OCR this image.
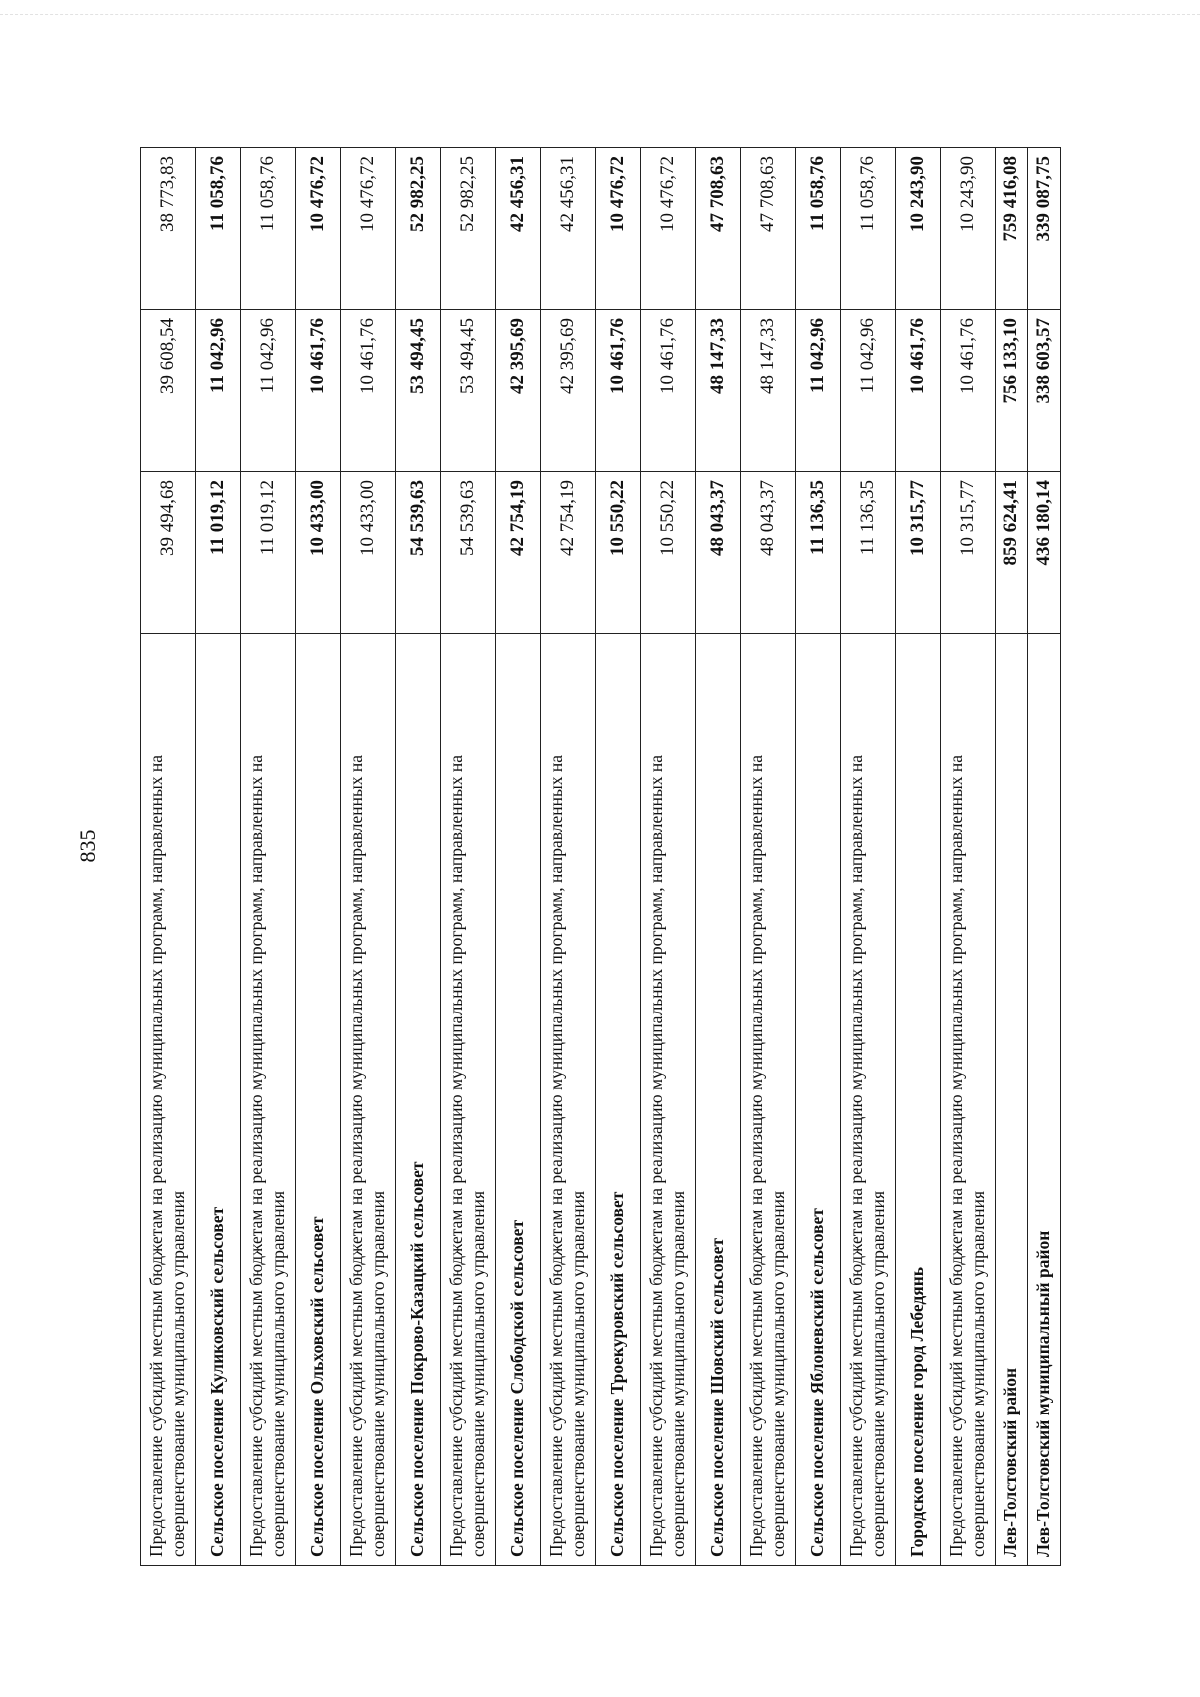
835	Предоставление субсидий местным бюджетам на реализацию муниципальных программ, направленных на совершенствование муниципального управления	39 494,68	39 608,54	38 773,83
Сельское поселение Куликовский сельсовет	11 019,12	11 042,96	11 058,76
Предоставление субсидий местным бюджетам на реализацию муниципальных программ, направленных на совершенствование муниципального управления	11 019,12	11 042,96	11 058,76
Сельское поселение Ольховский сельсовет	10 433,00	10 461,76	10 476,72
Предоставление субсидий местным бюджетам на реализацию муниципальных программ, направленных на совершенствование муниципального управления	10 433,00	10 461,76	10 476,72
Сельское поселение Покрово-Казацкий сельсовет	54 539,63	53 494,45	52 982,25
Предоставление субсидий местным бюджетам на реализацию муниципальных программ, направленных на совершенствование муниципального управления	54 539,63	53 494,45	52 982,25
Сельское поселение Слободской сельсовет	42 754,19	42 395,69	42 456,31
Предоставление субсидий местным бюджетам на реализацию муниципальных программ, направленных на совершенствование муниципального управления	42 754,19	42 395,69	42 456,31
Сельское поселение Троекуровский сельсовет	10 550,22	10 461,76	10 476,72
Предоставление субсидий местным бюджетам на реализацию муниципальных программ, направленных на совершенствование муниципального управления	10 550,22	10 461,76	10 476,72
Сельское поселение Шовский сельсовет	48 043,37	48 147,33	47 708,63
Предоставление субсидий местным бюджетам на реализацию муниципальных программ, направленных на совершенствование муниципального управления	48 043,37	48 147,33	47 708,63
Сельское поселение Яблоневский сельсовет	11 136,35	11 042,96	11 058,76
Предоставление субсидий местным бюджетам на реализацию муниципальных программ, направленных на совершенствование муниципального управления	11 136,35	11 042,96	11 058,76
Городское поселение город Лебедянь	10 315,77	10 461,76	10 243,90
Предоставление субсидий местным бюджетам на реализацию муниципальных программ, направленных на совершенствование муниципального управления	10 315,77	10 461,76	10 243,90
Лев-Толстовский район	859 624,41	756 133,10	759 416,08
Лев-Толстовский муниципальный район	436 180,14	338 603,57	339 087,75
